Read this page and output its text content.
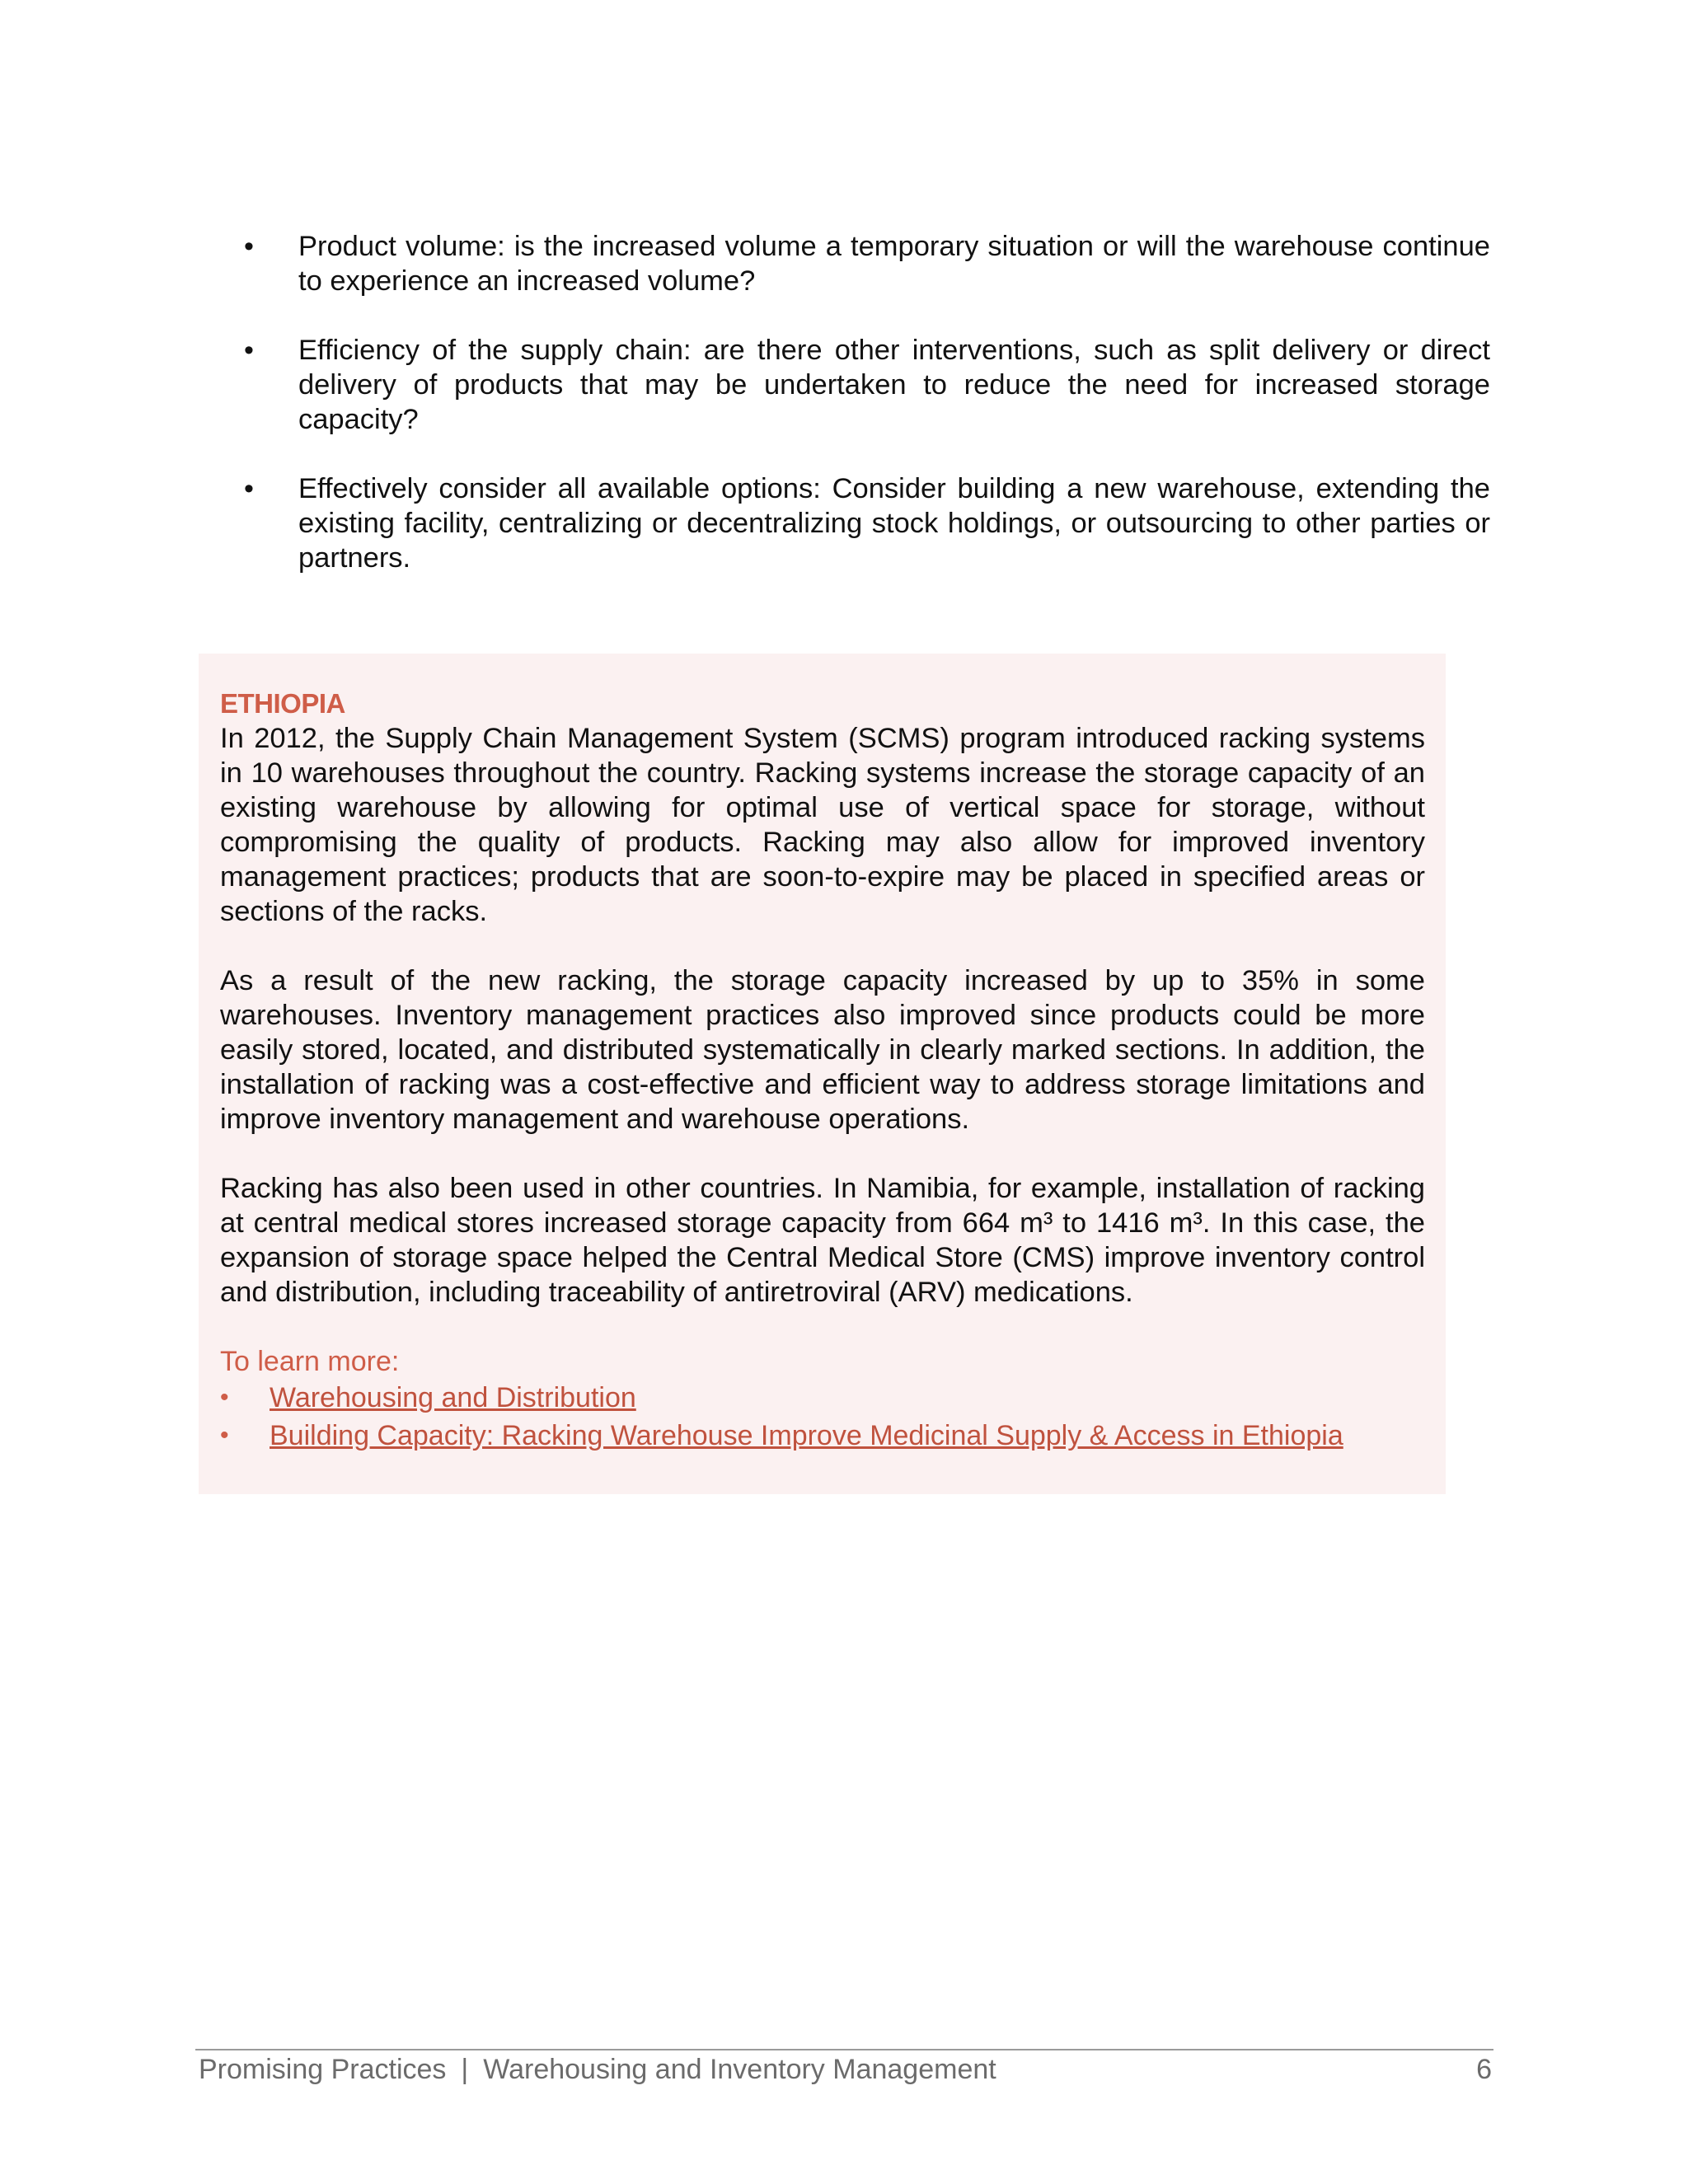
•	Product volume: is the increased volume a temporary situation or will the warehouse continue to experience an increased volume?
•	Efficiency of the supply chain: are there other interventions, such as split delivery or direct delivery of products that may be undertaken to reduce the need for increased storage capacity?
•	Effectively consider all available options: Consider building a new warehouse, extending the existing facility, centralizing or decentralizing stock holdings, or outsourcing to other parties or partners.
ETHIOPIA

In 2012, the Supply Chain Management System (SCMS) program introduced racking systems in 10 warehouses throughout the country. Racking systems increase the storage capacity of an existing warehouse by allowing for optimal use of vertical space for storage, without compromising the quality of products. Racking may also allow for improved inventory management practices; products that are soon-to-expire may be placed in specified areas or sections of the racks.

As a result of the new racking, the storage capacity increased by up to 35% in some warehouses. Inventory management practices also improved since products could be more easily stored, located, and distributed systematically in clearly marked sections. In addition, the installation of racking was a cost-effective and efficient way to address storage limitations and improve inventory management and warehouse operations.

Racking has also been used in other countries. In Namibia, for example, installation of racking at central medical stores increased storage capacity from 664 m³ to 1416 m³. In this case, the expansion of storage space helped the Central Medical Store (CMS) improve inventory control and distribution, including traceability of antiretroviral (ARV) medications.

To learn more:
• Warehousing and Distribution
• Building Capacity: Racking Warehouse Improve Medicinal Supply & Access in Ethiopia
Promising Practices | Warehousing and Inventory Management	6
